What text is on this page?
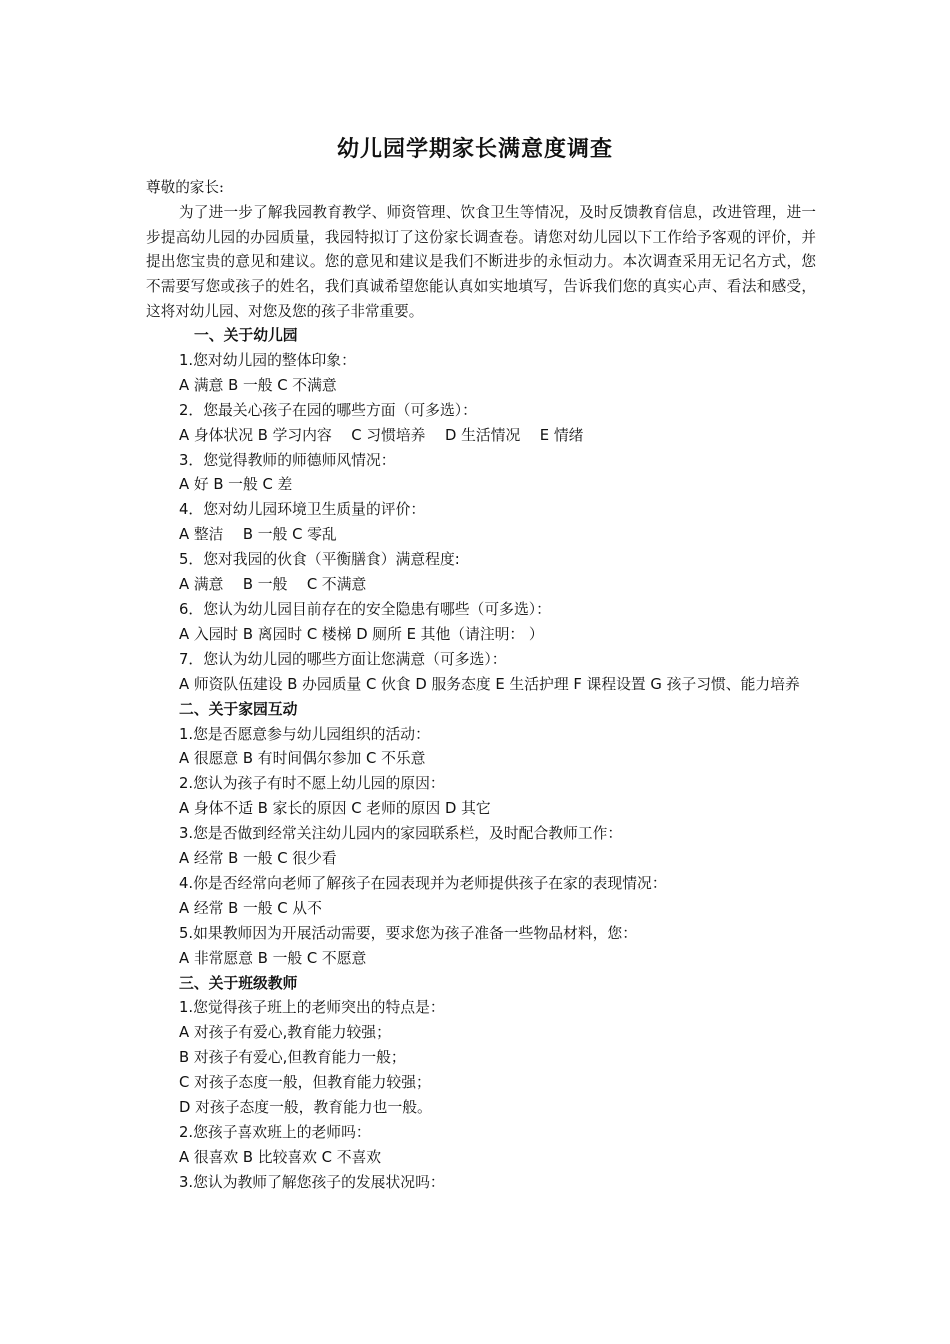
幼儿园学期家长满意度调查

尊敬的家长:

为了进一步了解我园教育教学、师资管理、饮食卫生等情况，及时反馈教育信息，改进管理，进一步提高幼儿园的办园质量，我园特拟订了这份家长调查卷。请您对幼儿园以下工作给予客观的评价，并提出您宝贵的意见和建议。您的意见和建议是我们不断进步的永恒动力。本次调查采用无记名方式，您不需要写您或孩子的姓名，我们真诚希望您能认真如实地填写，告诉我们您的真实心声、看法和感受，这将对幼儿园、对您及您的孩子非常重要。

一、关于幼儿园
1.您对幼儿园的整体印象：
A 满意 B 一般 C 不满意
2．您最关心孩子在园的哪些方面（可多选）：
A 身体状况 B 学习内容　 C 习惯培养　 D 生活情况　 E 情绪
3．您觉得教师的师德师风情况：
A 好 B 一般 C 差
4．您对幼儿园环境卫生质量的评价：
A 整洁　 B 一般 C 零乱
5．您对我园的伙食（平衡膳食）满意程度:
A 满意　 B 一般　 C 不满意
6．您认为幼儿园目前存在的安全隐患有哪些（可多选）：
A 入园时 B 离园时 C 楼梯 D 厕所 E 其他（请注明： ）
7．您认为幼儿园的哪些方面让您满意（可多选）：
A 师资队伍建设 B 办园质量 C 伙食 D 服务态度 E 生活护理 F 课程设置 G 孩子习惯、能力培养
二、关于家园互动
1.您是否愿意参与幼儿园组织的活动：
A 很愿意 B 有时间偶尔参加 C 不乐意
2.您认为孩子有时不愿上幼儿园的原因：
A 身体不适 B 家长的原因 C 老师的原因 D 其它
3.您是否做到经常关注幼儿园内的家园联系栏，及时配合教师工作：
A 经常 B 一般 C 很少看
4.你是否经常向老师了解孩子在园表现并为老师提供孩子在家的表现情况：
A 经常 B 一般 C 从不
5.如果教师因为开展活动需要，要求您为孩子准备一些物品材料，您：
A 非常愿意 B 一般 C 不愿意
三、关于班级教师
1.您觉得孩子班上的老师突出的特点是：
A 对孩子有爱心,教育能力较强；
B 对孩子有爱心,但教育能力一般；
C 对孩子态度一般，但教育能力较强；
D 对孩子态度一般，教育能力也一般。
2.您孩子喜欢班上的老师吗：
A 很喜欢 B 比较喜欢 C 不喜欢
3.您认为教师了解您孩子的发展状况吗：
